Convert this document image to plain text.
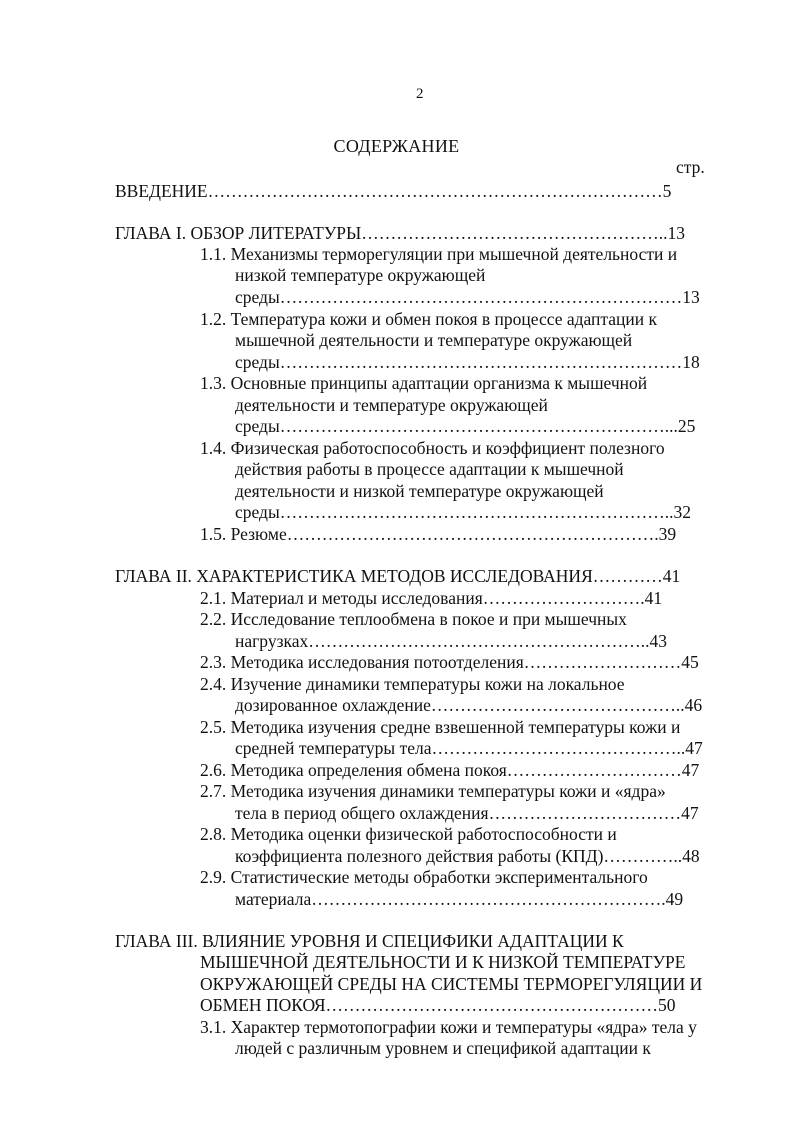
2
СОДЕРЖАНИЕ
стр.
ВВЕДЕНИЕ……………………………………………………………………5
ГЛАВА I. ОБЗОР ЛИТЕРАТУРЫ……………………………………………..13
1.1. Механизмы терморегуляции при мышечной деятельности и
низкой температуре окружающей
среды……………………………………………………………13
1.2. Температура кожи и обмен покоя в процессе адаптации к
мышечной деятельности и температуре окружающей
среды……………………………………………………………18
1.3. Основные принципы адаптации организма к мышечной
деятельности и температуре окружающей
среды…………………………………………………………...25
1.4. Физическая работоспособность и коэффициент полезного
действия работы в процессе адаптации к мышечной
деятельности и низкой температуре окружающей
среды…………………………………………………………..32
1.5. Резюме……………………………………………………….39
ГЛАВА II. ХАРАКТЕРИСТИКА МЕТОДОВ ИССЛЕДОВАНИЯ…………41
2.1. Материал и методы исследования……………………….41
2.2. Исследование теплообмена в покое и при мышечных
нагрузках…………………………………………………..43
2.3. Методика исследования потоотделения………………………45
2.4. Изучение динамики температуры кожи на локальное
дозированное охлаждение……………………………………..46
2.5. Методика изучения средне взвешенной температуры кожи и
средней температуры тела……………………………………..47
2.6. Методика определения обмена покоя…………………………47
2.7. Методика изучения динамики температуры кожи и «ядра»
тела в период общего охлаждения……………………………47
2.8. Методика оценки физической работоспособности и
коэффициента полезного действия работы (КПД)…………..48
2.9. Статистические методы обработки экспериментального
материала…………………………………………………….49
ГЛАВА III. ВЛИЯНИЕ УРОВНЯ И СПЕЦИФИКИ АДАПТАЦИИ К
МЫШЕЧНОЙ ДЕЯТЕЛЬНОСТИ И К НИЗКОЙ ТЕМПЕРАТУРЕ
ОКРУЖАЮЩЕЙ СРЕДЫ НА СИСТЕМЫ ТЕРМОРЕГУЛЯЦИИ И
ОБМЕН ПОКОЯ…………………………………………………50
3.1. Характер термотопографии кожи и температуры «ядра» тела у
людей с различным уровнем и спецификой адаптации к
